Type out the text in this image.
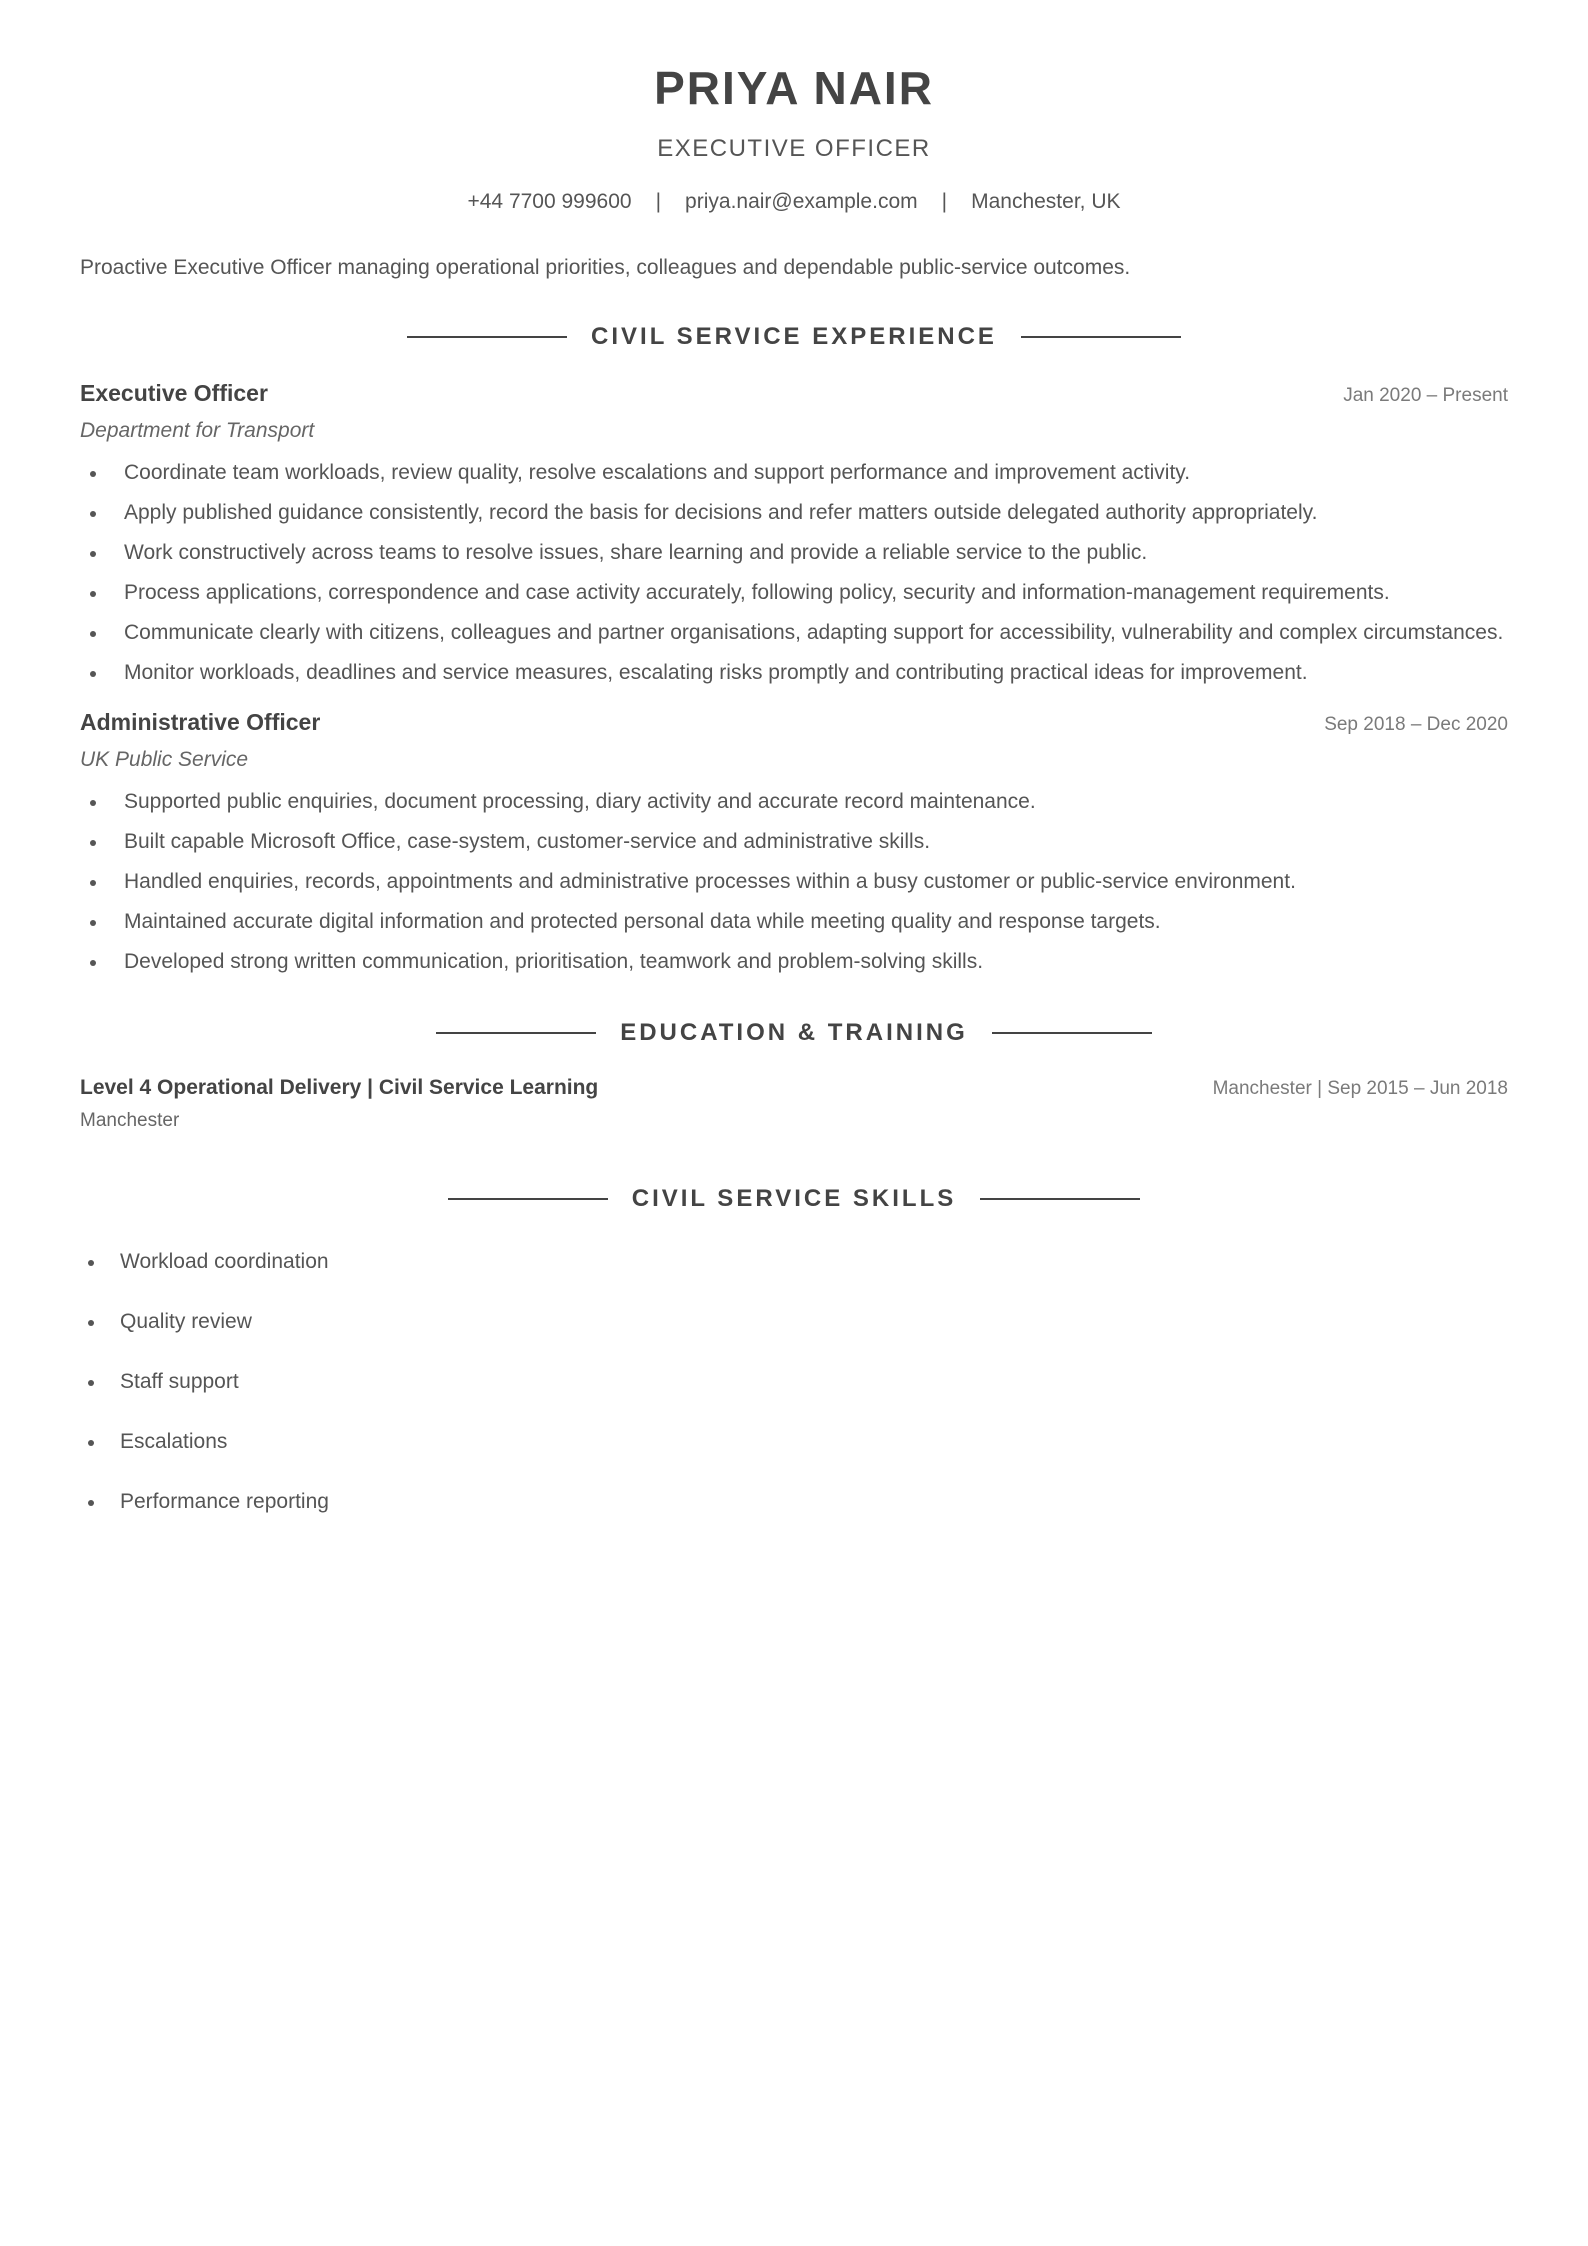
PRIYA NAIR
EXECUTIVE OFFICER
+44 7700 999600 | priya.nair@example.com | Manchester, UK

Proactive Executive Officer managing operational priorities, colleagues and dependable public-service outcomes.

CIVIL SERVICE EXPERIENCE
Executive Officer	Jan 2020 – Present
Department for Transport
Coordinate team workloads, review quality, resolve escalations and support performance and improvement activity.
Apply published guidance consistently, record the basis for decisions and refer matters outside delegated authority appropriately.
Work constructively across teams to resolve issues, share learning and provide a reliable service to the public.
Process applications, correspondence and case activity accurately, following policy, security and information-management requirements.
Communicate clearly with citizens, colleagues and partner organisations, adapting support for accessibility, vulnerability and complex circumstances.
Monitor workloads, deadlines and service measures, escalating risks promptly and contributing practical ideas for improvement.
Administrative Officer	Sep 2018 – Dec 2020
UK Public Service
Supported public enquiries, document processing, diary activity and accurate record maintenance.
Built capable Microsoft Office, case-system, customer-service and administrative skills.
Handled enquiries, records, appointments and administrative processes within a busy customer or public-service environment.
Maintained accurate digital information and protected personal data while meeting quality and response targets.
Developed strong written communication, prioritisation, teamwork and problem-solving skills.
EDUCATION & TRAINING
Level 4 Operational Delivery | Civil Service Learning	Manchester | Sep 2015 – Jun 2018
Manchester
CIVIL SERVICE SKILLS
Workload coordination
Quality review
Staff support
Escalations
Performance reporting
